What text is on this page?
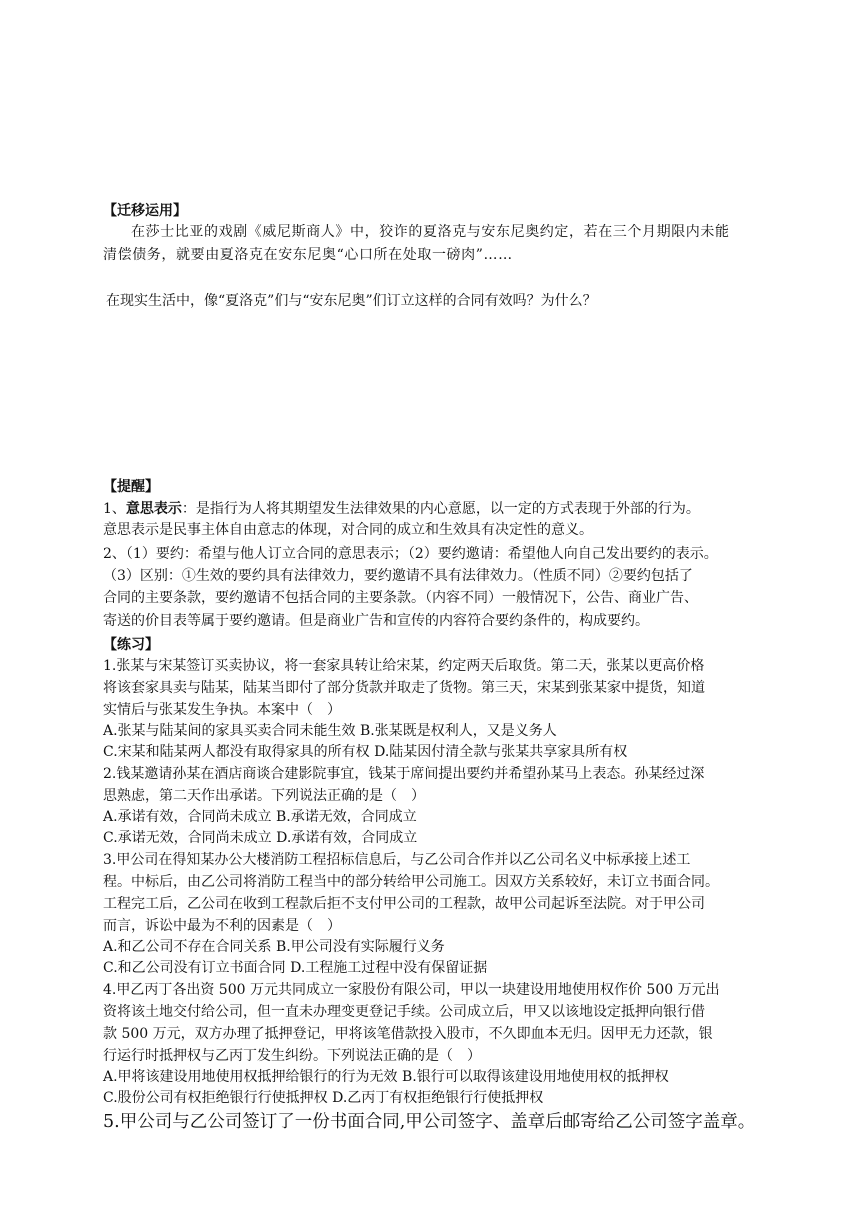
【迁移运用】
在莎士比亚的戏剧《威尼斯商人》中，狡诈的夏洛克与安东尼奥约定，若在三个月期限内未能
清偿债务，就要由夏洛克在安东尼奥“心口所在处取一磅肉”……
在现实生活中，像“夏洛克”们与“安东尼奥”们订立这样的合同有效吗？为什么？
【提醒】
1、意思表示：是指行为人将其期望发生法律效果的内心意愿，以一定的方式表现于外部的行为。
意思表示是民事主体自由意志的体现，对合同的成立和生效具有决定性的意义。
2、（1）要约：希望与他人订立合同的意思表示；（2）要约邀请：希望他人向自己发出要约的表示。
（3）区别：①生效的要约具有法律效力，要约邀请不具有法律效力。（性质不同）②要约包括了
合同的主要条款，要约邀请不包括合同的主要条款。（内容不同）一般情况下，公告、商业广告、
寄送的价目表等属于要约邀请。但是商业广告和宣传的内容符合要约条件的，构成要约。
【练习】
1.张某与宋某签订买卖协议，将一套家具转让给宋某，约定两天后取货。第二天，张某以更高价格
将该套家具卖与陆某，陆某当即付了部分货款并取走了货物。第三天，宋某到张某家中提货，知道
实情后与张某发生争执。本案中（　）
A.张某与陆某间的家具买卖合同未能生效 B.张某既是权利人，又是义务人
C.宋某和陆某两人都没有取得家具的所有权 D.陆某因付清全款与张某共享家具所有权
2.钱某邀请孙某在酒店商谈合建影院事宜，钱某于席间提出要约并希望孙某马上表态。孙某经过深
思熟虑，第二天作出承诺。下列说法正确的是（　）
A.承诺有效，合同尚未成立 B.承诺无效，合同成立
C.承诺无效，合同尚未成立 D.承诺有效，合同成立
3.甲公司在得知某办公大楼消防工程招标信息后，与乙公司合作并以乙公司名义中标承接上述工
程。中标后，由乙公司将消防工程当中的部分转给甲公司施工。因双方关系较好，未订立书面合同。
工程完工后，乙公司在收到工程款后拒不支付甲公司的工程款，故甲公司起诉至法院。对于甲公司
而言，诉讼中最为不利的因素是（　）
A.和乙公司不存在合同关系 B.甲公司没有实际履行义务
C.和乙公司没有订立书面合同 D.工程施工过程中没有保留证据
4.甲乙丙丁各出资 500 万元共同成立一家股份有限公司，甲以一块建设用地使用权作价 500 万元出
资将该土地交付给公司，但一直未办理变更登记手续。公司成立后，甲又以该地设定抵押向银行借
款 500 万元，双方办理了抵押登记，甲将该笔借款投入股市，不久即血本无归。因甲无力还款，银
行运行时抵押权与乙丙丁发生纠纷。下列说法正确的是（　）
A.甲将该建设用地使用权抵押给银行的行为无效 B.银行可以取得该建设用地使用权的抵押权
C.股份公司有权拒绝银行行使抵押权 D.乙丙丁有权拒绝银行行使抵押权
5.甲公司与乙公司签订了一份书面合同,甲公司签字、盖章后邮寄给乙公司签字盖章。
